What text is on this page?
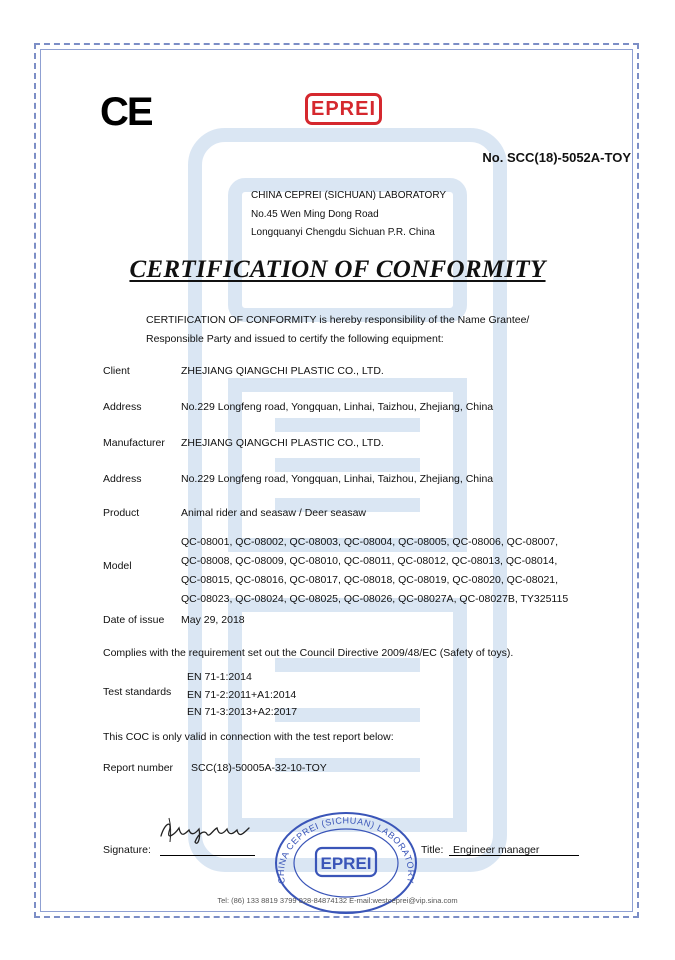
CE	EPREI
No. SCC(18)-5052A-TOY
CHINA CEPREI (SICHUAN) LABORATORY
No.45 Wen Ming Dong Road
Longquanyi Chengdu Sichuan P.R. China
CERTIFICATION OF CONFORMITY
CERTIFICATION OF CONFORMITY is hereby responsibility of the Name Grantee/
Responsible Party and issued to certify the following equipment:
Client	ZHEJIANG QIANGCHI PLASTIC CO., LTD.
Address	No.229 Longfeng road, Yongquan, Linhai, Taizhou, Zhejiang, China
Manufacturer ZHEJIANG QIANGCHI PLASTIC CO., LTD.
Address	No.229 Longfeng road, Yongquan, Linhai, Taizhou, Zhejiang, China
Product	Animal rider and seasaw / Deer seasaw
Model
QC-08001, QC-08002, QC-08003, QC-08004, QC-08005, QC-08006, QC-08007,
QC-08008, QC-08009, QC-08010, QC-08011, QC-08012, QC-08013, QC-08014,
QC-08015, QC-08016, QC-08017, QC-08018, QC-08019, QC-08020, QC-08021,
QC-08023, QC-08024, QC-08025, QC-08026, QC-08027A, QC-08027B, TY325115
Date of issue May 29, 2018
Complies with the requirement set out the Council Directive 2009/48/EC (Safety of toys).
Test standards
EN 71-1:2014
EN 71-2:2011+A1:2014
EN 71-3:2013+A2:2017
This COC is only valid in connection with the test report below:
Report number SCC(18)-50005A-32-10-TOY
Signature:	Title: Engineer manager
CHINA CEPREI (SICHUAN) LABORATORY
EPREI
Tel: (86) 133 8819 3799 028-84874132 E-mail:westceprei@vip.sina.com
